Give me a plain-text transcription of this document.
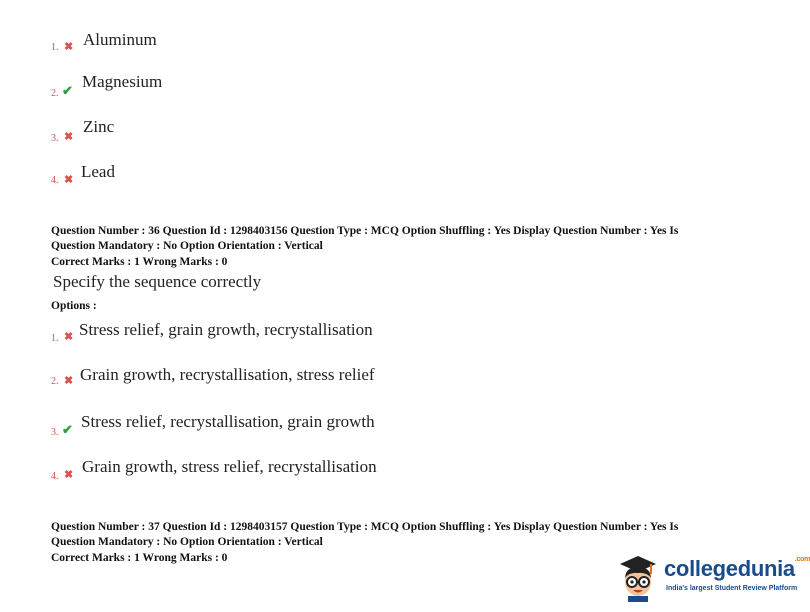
1. ✖ Aluminum
2. ✔ Magnesium
3. ✖
Zinc
4. ✖ Lead
Question Number : 36 Question Id : 1298403156 Question Type : MCQ Option Shuffling : Yes Display Question Number : Yes Is
Question Mandatory : No Option Orientation : Vertical
Correct Marks : 1 Wrong Marks : 0
Specify the sequence correctly
Options :
1. ✖ Stress relief, grain growth, recrystallisation
2. ✖ Grain growth, recrystallisation, stress relief
3. ✔ Stress relief, recrystallisation, grain growth
4. ✖ Grain growth, stress relief, recrystallisation
Question Number : 37 Question Id : 1298403157 Question Type : MCQ Option Shuffling : Yes Display Question Number : Yes Is
Question Mandatory : No Option Orientation : Vertical
Correct Marks : 1 Wrong Marks : 0	collegedunia$^{.com}$
India's largest Student Review Platform
